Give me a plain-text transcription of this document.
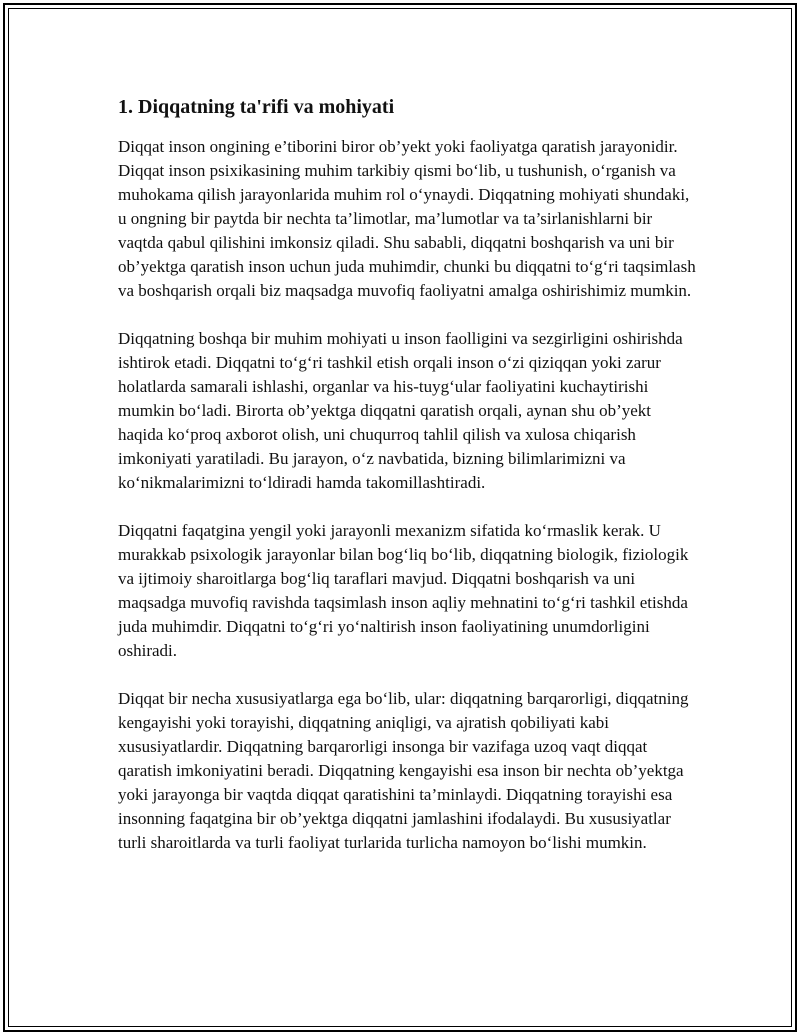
1. Diqqatning ta'rifi va mohiyati

Diqqat inson ongining e’tiborini biror ob’yekt yoki faoliyatga qaratish jarayonidir. Diqqat inson psixikasining muhim tarkibiy qismi bo‘lib, u tushunish, o‘rganish va muhokama qilish jarayonlarida muhim rol o‘ynaydi. Diqqatning mohiyati shundaki, u ongning bir paytda bir nechta ta’limotlar, ma’lumotlar va ta’sirlanishlarni bir vaqtda qabul qilishini imkonsiz qiladi. Shu sababli, diqqatni boshqarish va uni bir ob’yektga qaratish inson uchun juda muhimdir, chunki bu diqqatni to‘g‘ri taqsimlash va boshqarish orqali biz maqsadga muvofiq faoliyatni amalga oshirishimiz mumkin.

Diqqatning boshqa bir muhim mohiyati u inson faolligini va sezgirligini oshirishda ishtirok etadi. Diqqatni to‘g‘ri tashkil etish orqali inson o‘zi qiziqqan yoki zarur holatlarda samarali ishlashi, organlar va his-tuyg‘ular faoliyatini kuchaytirishi mumkin bo‘ladi. Birorta ob’yektga diqqatni qaratish orqali, aynan shu ob’yekt haqida ko‘proq axborot olish, uni chuqurroq tahlil qilish va xulosa chiqarish imkoniyati yaratiladi. Bu jarayon, o‘z navbatida, bizning bilimlarimizni va ko‘nikmalarimizni to‘ldiradi hamda takomillashtiradi.

Diqqatni faqatgina yengil yoki jarayonli mexanizm sifatida ko‘rmaslik kerak. U murakkab psixologik jarayonlar bilan bog‘liq bo‘lib, diqqatning biologik, fiziologik va ijtimoiy sharoitlarga bog‘liq taraflari mavjud. Diqqatni boshqarish va uni maqsadga muvofiq ravishda taqsimlash inson aqliy mehnatini to‘g‘ri tashkil etishda juda muhimdir. Diqqatni to‘g‘ri yo‘naltirish inson faoliyatining unumdorligini oshiradi.

Diqqat bir necha xususiyatlarga ega bo‘lib, ular: diqqatning barqarorligi, diqqatning kengayishi yoki torayishi, diqqatning aniqligi, va ajratish qobiliyati kabi xususiyatlardir. Diqqatning barqarorligi insonga bir vazifaga uzoq vaqt diqqat qaratish imkoniyatini beradi. Diqqatning kengayishi esa inson bir nechta ob’yektga yoki jarayonga bir vaqtda diqqat qaratishini ta’minlaydi. Diqqatning torayishi esa insonning faqatgina bir ob’yektga diqqatni jamlashini ifodalaydi. Bu xususiyatlar turli sharoitlarda va turli faoliyat turlarida turlicha namoyon bo‘lishi mumkin.
